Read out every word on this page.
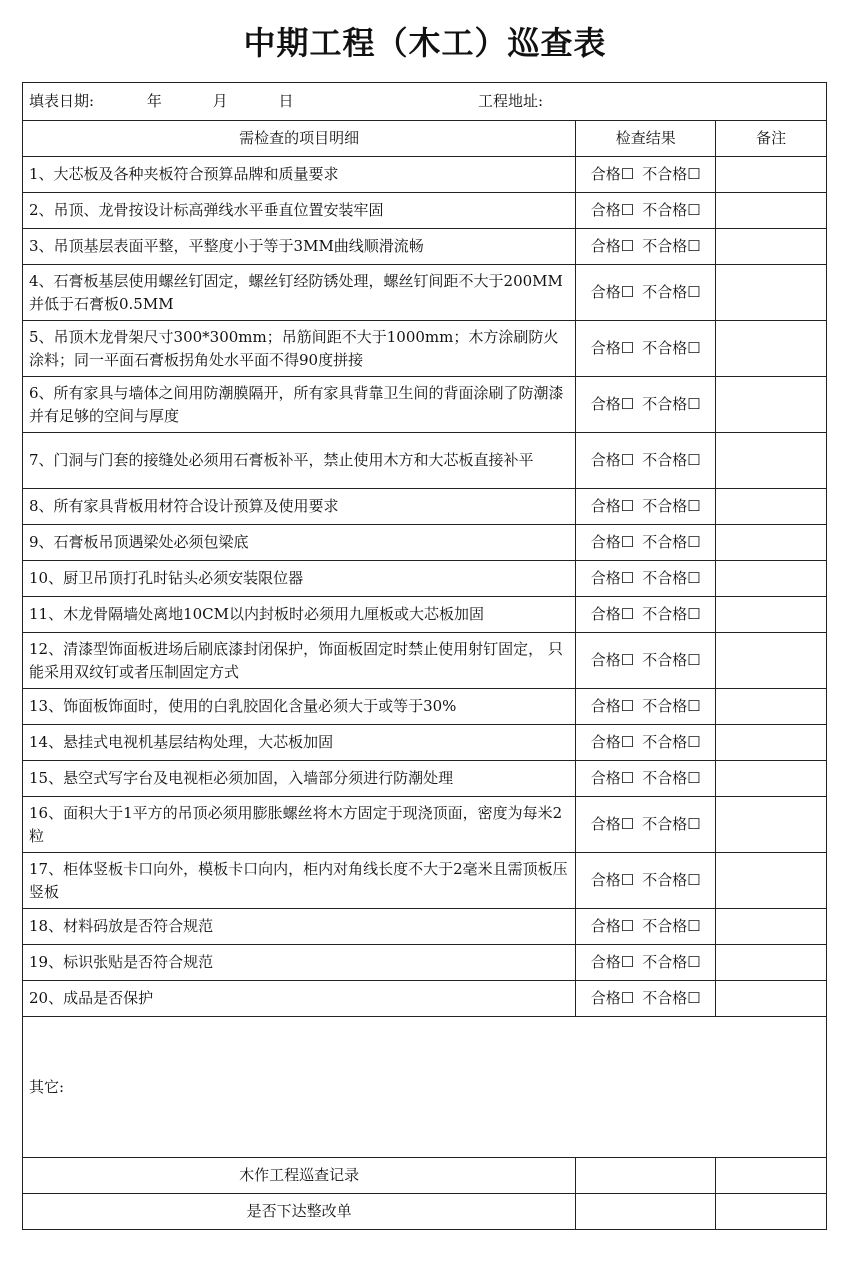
中期工程（木工）巡查表
填表日期: 年 月 日 工程地址:		

需检查的项目明细	检查结果	备注
1、大芯板及各种夹板符合预算品牌和质量要求	合格☐ 不合格☐	
2、吊顶、龙骨按设计标高弹线水平垂直位置安装牢固	合格☐ 不合格☐	
3、吊顶基层表面平整，平整度小于等于3MM曲线顺滑流畅	合格☐ 不合格☐	
4、石膏板基层使用螺丝钉固定，螺丝钉经防锈处理，螺丝钉间距不大于200MM并低于石膏板0.5MM	合格☐ 不合格☐	
5、吊顶木龙骨架尺寸300*300mm；吊筋间距不大于1000mm；木方涂刷防火涂料；同一平面石膏板拐角处水平面不得90度拼接	合格☐ 不合格☐	
6、所有家具与墙体之间用防潮膜隔开，所有家具背靠卫生间的背面涂刷了防潮漆并有足够的空间与厚度	合格☐ 不合格☐	
7、门洞与门套的接缝处必须用石膏板补平，禁止使用木方和大芯板直接补平	合格☐ 不合格☐	
8、所有家具背板用材符合设计预算及使用要求	合格☐ 不合格☐	
9、石膏板吊顶遇梁处必须包梁底	合格☐ 不合格☐	
10、厨卫吊顶打孔时钻头必须安装限位器	合格☐ 不合格☐	
11、木龙骨隔墙处离地10CM以内封板时必须用九厘板或大芯板加固	合格☐ 不合格☐	
12、清漆型饰面板进场后刷底漆封闭保护，饰面板固定时禁止使用射钉固定， 只能采用双纹钉或者压制固定方式	合格☐ 不合格☐	
13、饰面板饰面时，使用的白乳胶固化含量必须大于或等于30%	合格☐ 不合格☐	
14、悬挂式电视机基层结构处理，大芯板加固	合格☐ 不合格☐	
15、悬空式写字台及电视柜必须加固，入墙部分须进行防潮处理	合格☐ 不合格☐	
16、面积大于1平方的吊顶必须用膨胀螺丝将木方固定于现浇顶面，密度为每米2粒	合格☐ 不合格☐	
17、柜体竖板卡口向外，模板卡口向内，柜内对角线长度不大于2毫米且需顶板压竖板	合格☐ 不合格☐	
18、材料码放是否符合规范	合格☐ 不合格☐	
19、标识张贴是否符合规范	合格☐ 不合格☐	
20、成品是否保护	合格☐ 不合格☐	
其它:		
木作工程巡查记录		
是否下达整改单		
